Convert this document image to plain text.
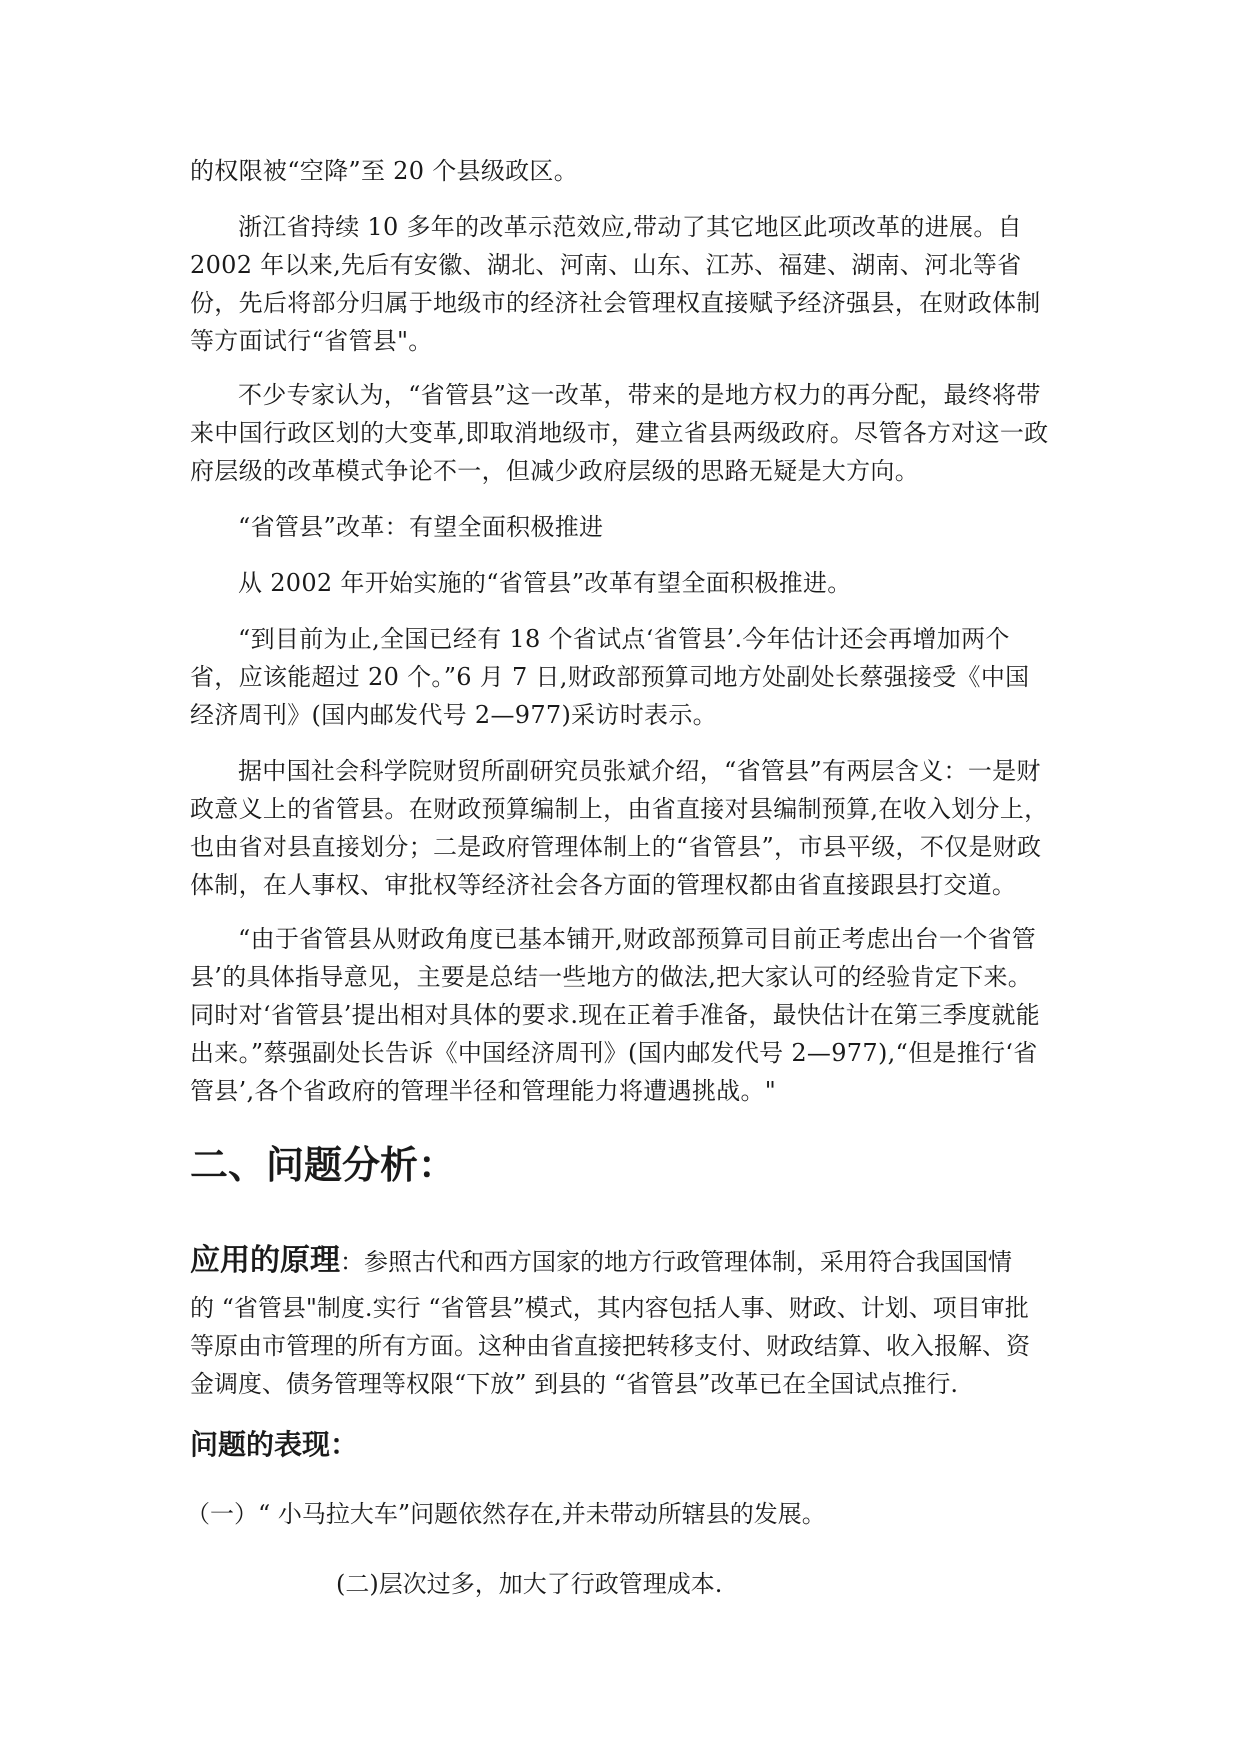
的权限被“空降”至 20 个县级政区。

浙江省持续 10 多年的改革示范效应,带动了其它地区此项改革的进展。自 2002 年以来,先后有安徽、湖北、河南、山东、江苏、福建、湖南、河北等省份，先后将部分归属于地级市的经济社会管理权直接赋予经济强县，在财政体制等方面试行“省管县"。

不少专家认为，“省管县”这一改革，带来的是地方权力的再分配，最终将带来中国行政区划的大变革,即取消地级市，建立省县两级政府。尽管各方对这一政府层级的改革模式争论不一，但减少政府层级的思路无疑是大方向。

“省管县”改革：有望全面积极推进

从 2002 年开始实施的“省管县”改革有望全面积极推进。

“到目前为止,全国已经有 18 个省试点‘省管县’.今年估计还会再增加两个省，应该能超过 20 个。”6 月 7 日,财政部预算司地方处副处长蔡强接受《中国经济周刊》(国内邮发代号 2—977)采访时表示。

据中国社会科学院财贸所副研究员张斌介绍，“省管县”有两层含义：一是财政意义上的省管县。在财政预算编制上，由省直接对县编制预算,在收入划分上，也由省对县直接划分；二是政府管理体制上的“省管县”，市县平级，不仅是财政体制，在人事权、审批权等经济社会各方面的管理权都由省直接跟县打交道。

“由于省管县从财政角度已基本铺开,财政部预算司目前正考虑出台一个省管县’的具体指导意见，主要是总结一些地方的做法,把大家认可的经验肯定下来。同时对‘省管县’提出相对具体的要求.现在正着手准备，最快估计在第三季度就能出来。”蔡强副处长告诉《中国经济周刊》(国内邮发代号 2—977),“但是推行‘省管县’,各个省政府的管理半径和管理能力将遭遇挑战。"

二、问题分析：

应用的原理：参照古代和西方国家的地方行政管理体制，采用符合我国国情
的 “省管县"制度.实行 “省管县”模式，其内容包括人事、财政、计划、项目审批等原由市管理的所有方面。这种由省直接把转移支付、财政结算、收入报解、资金调度、债务管理等权限“下放” 到县的 “省管县”改革已在全国试点推行.

问题的表现：

（一）“ 小马拉大车”问题依然存在,并未带动所辖县的发展。

(二)层次过多，加大了行政管理成本.
